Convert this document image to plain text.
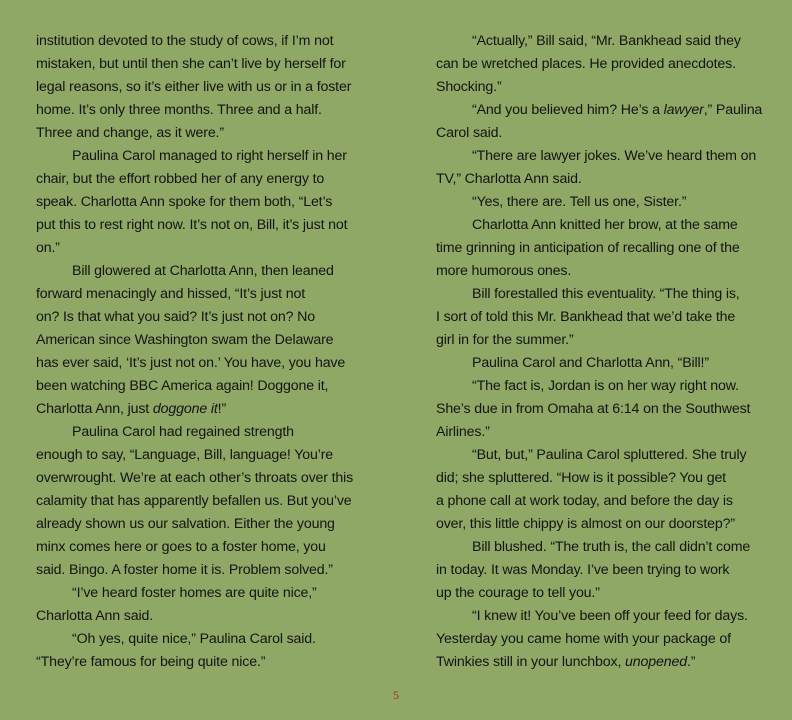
institution devoted to the study of cows, if I’m not
mistaken, but until then she can’t live by herself for
legal reasons, so it’s either live with us or in a foster
home. It’s only three months. Three and a half.
Three and change, as it were.”
Paulina Carol managed to right herself in her
chair, but the effort robbed her of any energy to
speak. Charlotta Ann spoke for them both, “Let’s
put this to rest right now. It’s not on, Bill, it’s just not
on.”
Bill glowered at Charlotta Ann, then leaned
forward menacingly and hissed, “It’s just not
on? Is that what you said? It’s just not on? No
American since Washington swam the Delaware
has ever said, ‘It’s just not on.’ You have, you have
been watching BBC America again! Doggone it,
Charlotta Ann, just doggone it!”
Paulina Carol had regained strength
enough to say, “Language, Bill, language! You’re
overwrought. We’re at each other’s throats over this
calamity that has apparently befallen us. But you’ve
already shown us our salvation. Either the young
minx comes here or goes to a foster home, you
said. Bingo. A foster home it is. Problem solved.”
“I’ve heard foster homes are quite nice,”
Charlotta Ann said.
“Oh yes, quite nice,” Paulina Carol said.
“They’re famous for being quite nice.”
“Actually,” Bill said, “Mr. Bankhead said they
can be wretched places. He provided anecdotes.
Shocking.”
“And you believed him? He’s a lawyer,” Paulina
Carol said.
“There are lawyer jokes. We’ve heard them on
TV,” Charlotta Ann said.
“Yes, there are. Tell us one, Sister.”
Charlotta Ann knitted her brow, at the same
time grinning in anticipation of recalling one of the
more humorous ones.
Bill forestalled this eventuality. “The thing is,
I sort of told this Mr. Bankhead that we’d take the
girl in for the summer.”
Paulina Carol and Charlotta Ann, “Bill!”
“The fact is, Jordan is on her way right now.
She’s due in from Omaha at 6:14 on the Southwest
Airlines.”
“But, but,” Paulina Carol spluttered. She truly
did; she spluttered. “How is it possible? You get
a phone call at work today, and before the day is
over, this little chippy is almost on our doorstep?”
Bill blushed. “The truth is, the call didn’t come
in today. It was Monday. I’ve been trying to work
up the courage to tell you.”
“I knew it! You’ve been off your feed for days.
Yesterday you came home with your package of
Twinkies still in your lunchbox, unopened.”
5
